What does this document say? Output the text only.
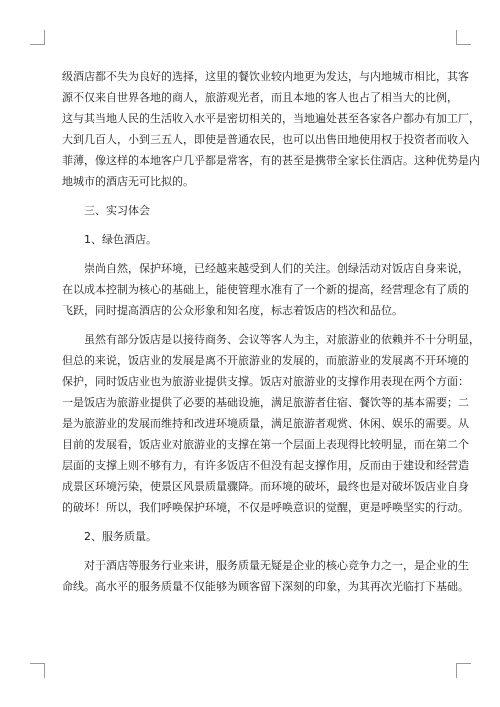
级酒店都不失为良好的选择，这里的餐饮业较内地更为发达，与内地城市相比，其客
源不仅来自世界各地的商人，旅游观光者，而且本地的客人也占了相当大的比例，
这与其当地人民的生活收入水平是密切相关的，当地遍处甚至各家各户都办有加工厂，
大到几百人，小到三五人，即使是普通农民，也可以出售田地使用权于投资者而收入
菲薄，像这样的本地客户几乎都是常客，有的甚至是携带全家长住酒店。这种优势是内
地城市的酒店无可比拟的。
三、实习体会
1、绿色酒店。
崇尚自然，保护环境，已经越来越受到人们的关注。创绿活动对饭店自身来说，
在以成本控制为核心的基础上，能使管理水准有了一个新的提高，经营理念有了质的
飞跃，同时提高酒店的公众形象和知名度，标志着饭店的档次和品位。
虽然有部分饭店是以接待商务、会议等客人为主，对旅游业的依赖并不十分明显，
但总的来说，饭店业的发展是离不开旅游业的发展的，而旅游业的发展离不开环境的
保护，同时饭店业也为旅游业提供支撑。饭店对旅游业的支撑作用表现在两个方面：
一是饭店为旅游业提供了必要的基础设施，满足旅游者住宿、餐饮等的基本需要；二
是为旅游业的发展而维持和改进环境质量，满足旅游者观赏、休闲、娱乐的需要。从
目前的发展看，饭店业对旅游业的支撑在第一个层面上表现得比较明显，而在第二个
层面的支撑上则不够有力，有许多饭店不但没有起支撑作用，反而由于建设和经营造
成景区环境污染，使景区风景质量骤降。而环境的破坏，最终也是对破坏饭店业自身
的破坏！所以，我们呼唤保护环境，不仅是呼唤意识的觉醒，更是呼唤坚实的行动。
2、服务质量。
对于酒店等服务行业来讲，服务质量无疑是企业的核心竞争力之一，是企业的生
命线。高水平的服务质量不仅能够为顾客留下深刻的印象，为其再次光临打下基础。
